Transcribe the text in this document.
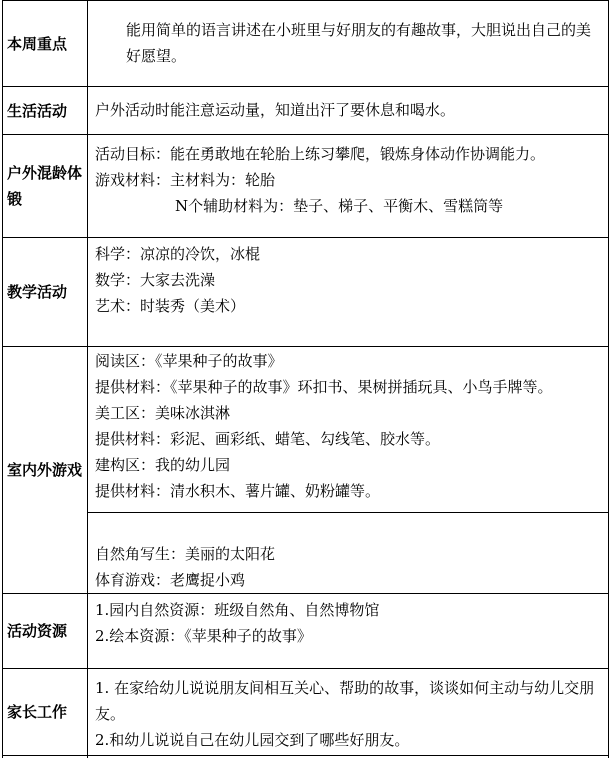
本周重点
能用简单的语言讲述在小班里与好朋友的有趣故事，大胆说出自己的美好愿望。
生活活动	户外活动时能注意运动量，知道出汗了要休息和喝水。
户外混龄体锻
活动目标：能在勇敢地在轮胎上练习攀爬，锻炼身体动作协调能力。
游戏材料：主材料为：轮胎
N个辅助材料为：垫子、梯子、平衡木、雪糕筒等
教学活动
科学：凉凉的冷饮，冰棍
数学：大家去洗澡
艺术：时装秀（美术）
室内外游戏
阅读区：《苹果种子的故事》
提供材料：《苹果种子的故事》环扣书、果树拼插玩具、小鸟手牌等。
美工区：美味冰淇淋
提供材料：彩泥、画彩纸、蜡笔、勾线笔、胶水等。
建构区：我的幼儿园
提供材料：清水积木、薯片罐、奶粉罐等。
自然角写生：美丽的太阳花
体育游戏：老鹰捉小鸡
活动资源
1.园内自然资源：班级自然角、自然博物馆
2.绘本资源：《苹果种子的故事》
家长工作
1. 在家给幼儿说说朋友间相互关心、帮助的故事，谈谈如何主动与幼儿交朋友。
2.和幼儿说说自己在幼儿园交到了哪些好朋友。
